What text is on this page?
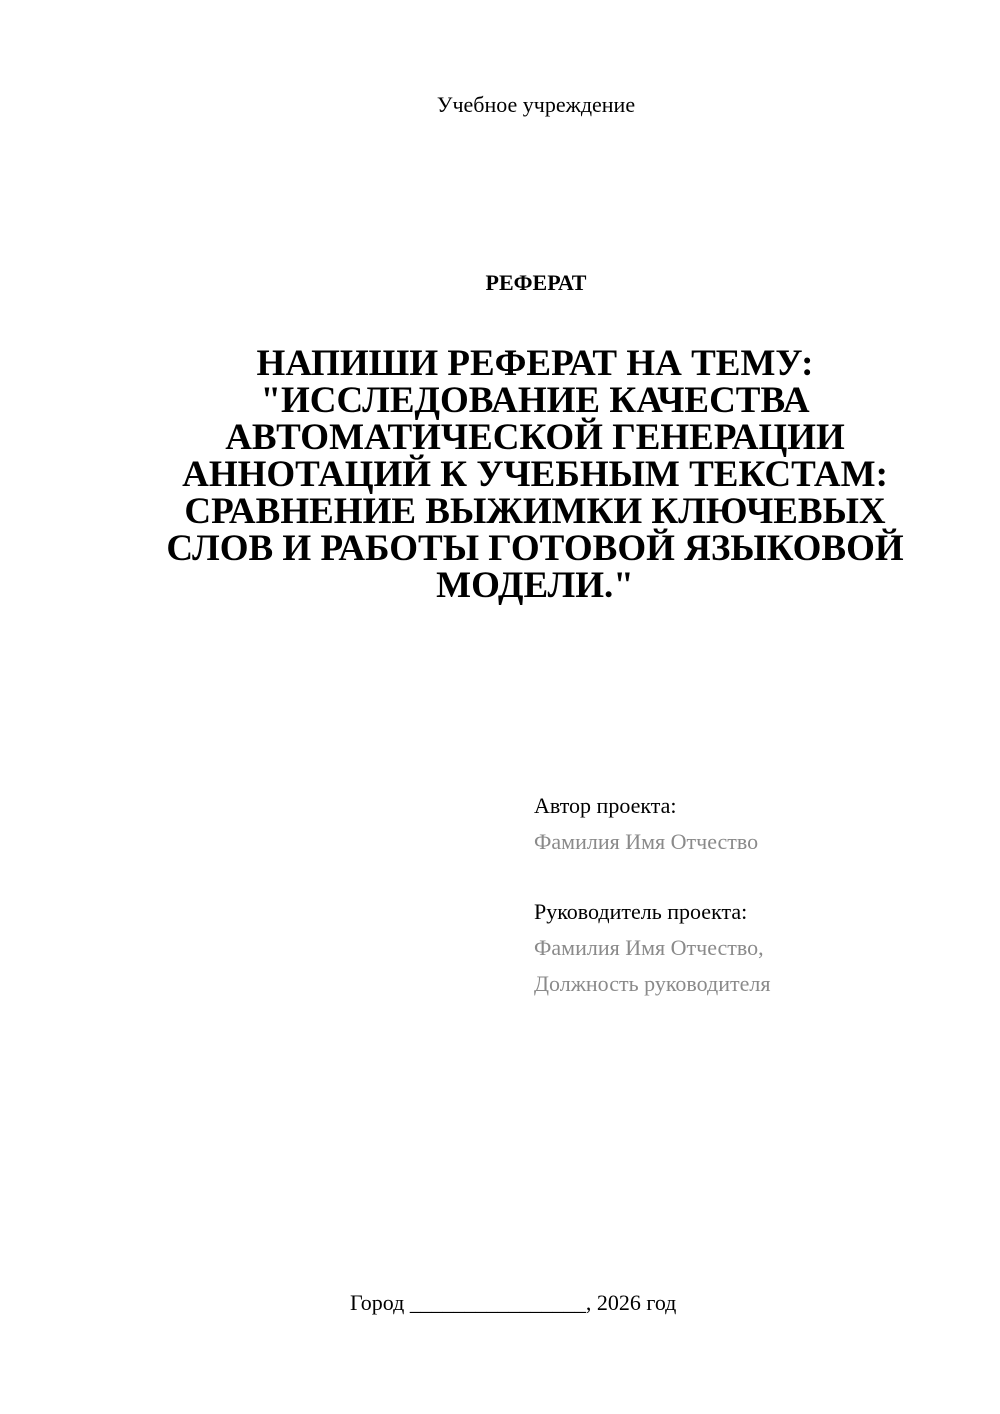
Учебное учреждение
РЕФЕРАТ
НАПИШИ РЕФЕРАТ НА ТЕМУ: "ИССЛЕДОВАНИЕ КАЧЕСТВА АВТОМАТИЧЕСКОЙ ГЕНЕРАЦИИ АННОТАЦИЙ К УЧЕБНЫМ ТЕКСТАМ: СРАВНЕНИЕ ВЫЖИМКИ КЛЮЧЕВЫХ СЛОВ И РАБОТЫ ГОТОВОЙ ЯЗЫКОВОЙ МОДЕЛИ."
Автор проекта:
Фамилия Имя Отчество
Руководитель проекта:
Фамилия Имя Отчество,
Должность руководителя
Город ________________, 2026 год
